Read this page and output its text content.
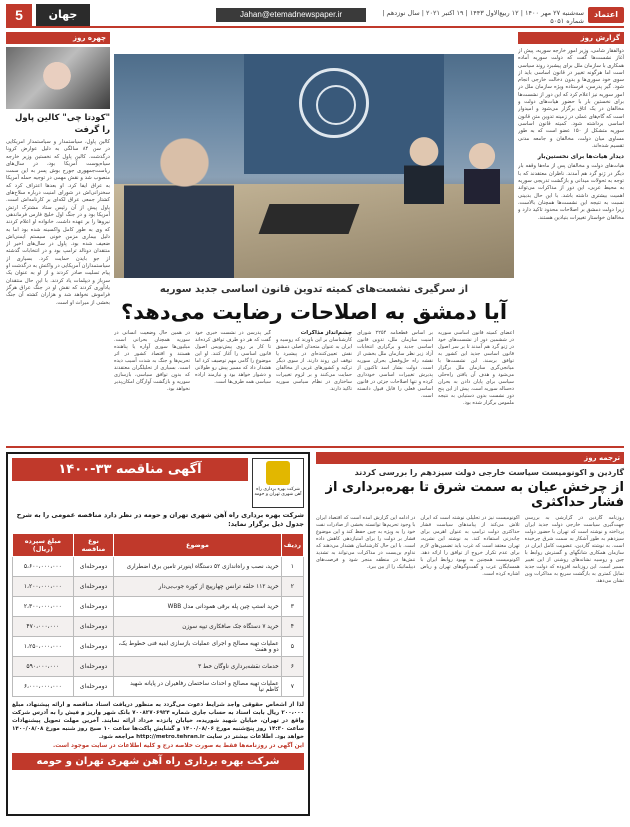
5	جهان	Jahan@etemadnewspaper.ir	سه‌شنبه ۲۷ مهر ۱۴۰۰ | ۱۲ ربیع‌الاول ۱۴۴۳ | ۱۹ اکتبر ۲۰۲۱ | سال نوزدهم | شماره ۵۰۵۱
اعتماد
چهره روز
"کودتا چی" کالین پاول را گرفت
کالین پاول، سیاستمدار و سیاستمدار آمریکایی در سن ۸۴ سالگی به دلیل عوارض کرونا درگذشت. کالین پاول که نخستین وزیر خارجه سیاه‌پوست آمریکا بود، در سال‌های ریاست‌جمهوری جورج بوش پسر به این سمت منصوب شد و نقش مهمی در توجیه حمله آمریکا به عراق ایفا کرد. او بعدها اعتراف کرد که سخنرانی‌اش در شورای امنیت درباره سلاح‌های کشتار جمعی عراق لکه‌ای بر کارنامه‌اش است. پاول پیش از آن رئیس ستاد مشترک ارتش آمریکا بود و در جنگ اول خلیج فارس فرماندهی نیروها را بر عهده داشت. خانواده او اعلام کردند که وی به طور کامل واکسینه شده بود اما به دلیل بیماری مزمن خونی سیستم ایمنی‌اش ضعیف شده بود. پاول در سال‌های اخیر از منتقدان دونالد ترامپ بود و در انتخابات گذشته از جو بایدن حمایت کرد. بسیاری از سیاستمداران آمریکایی در واکنش به درگذشت او پیام تسلیت صادر کردند و از او به عنوان یک سرباز و دیپلمات یاد کردند. با این حال منتقدان یادآوری کردند که نقش او در جنگ عراق هرگز فراموش نخواهد شد و هزاران کشته آن جنگ بخشی از میراث او است.
گزارش روز
ذوالفقار شامی، وزیر امور خارجه سوریه، پیش از آغاز نشست‌ها گفت که دولت سوریه آماده همکاری با سازمان ملل برای پیشبرد روند سیاسی است اما هرگونه تغییر در قانون اساسی باید از سوی خود سوری‌ها و بدون دخالت خارجی انجام شود. گیر پدرسن، فرستاده ویژه سازمان ملل در امور سوریه نیز اعلام کرد که این دور از نشست‌ها برای نخستین بار با حضور هیات‌های دولت و مخالفان در یک اتاق برگزار می‌شود و امیدوار است که گام‌های عملی در زمینه تدوین متن قانون اساسی برداشته شود. کمیته قانون اساسی سوریه متشکل از ۱۵۰ عضو است که به طور مساوی میان دولت، مخالفان و جامعه مدنی تقسیم شده‌اند.
دیدار هیات‌ها برای نخستین‌بار
هیات‌های دولت و مخالفان پس از ماه‌ها وقفه بار دیگر در ژنو گرد هم آمدند. ناظران معتقدند که با توجه به تحولات میدانی و بازگشت تدریجی سوریه به محیط عربی، این دور از مذاکرات می‌تواند اهمیت بیشتری داشته باشد. با این حال بدبینی نسبت به نتیجه این نشست‌ها همچنان بالاست، زیرا دولت دمشق بر اصلاحات محدود تاکید دارد و مخالفان خواستار تغییرات بنیادین هستند.
از سرگیری نشست‌های کمیته تدوین قانون اساسی جدید سوریه
آیا دمشق به اصلاحات رضایت می‌دهد؟
اعضای کمیته قانون اساسی سوریه در ششمین دور از نشست‌های خود در ژنو گرد هم آمدند تا بر سر اصول قانون اساسی جدید این کشور به توافق برسند. این نشست‌ها با میانجی‌گری سازمان ملل برگزار می‌شود و هدف آن یافتن راه‌حلی سیاسی برای پایان دادن به بحران ده‌ساله سوریه است. پیش از این پنج دور نشست بدون دستیابی به نتیجه ملموس برگزار شده بود.
بر اساس قطعنامه ۲۲۵۴ شورای امنیت سازمان ملل، تدوین قانون اساسی جدید و برگزاری انتخابات آزاد زیر نظر سازمان ملل بخشی از نقشه راه حل‌وفصل بحران سوریه است. دولت بشار اسد تاکنون از پذیرش تغییرات اساسی خودداری کرده و تنها اصلاحات جزئی در قانون اساسی فعلی را قابل قبول دانسته است.
چشم‌انداز مذاکرات
کارشناسان بر این باورند که روسیه و ایران به عنوان متحدان اصلی دمشق نقش تعیین‌کننده‌ای در پیشبرد یا توقف این روند دارند. از سوی دیگر ترکیه و کشورهای غربی از مخالفان حمایت می‌کنند و بر لزوم تغییرات ساختاری در نظام سیاسی سوریه تاکید دارند.
گیر پدرسن در نشست خبری خود گفت که هر دو طرف توافق کرده‌اند تا کار بر روی پیش‌نویس اصول قانون اساسی را آغاز کنند. او این موضوع را گامی مهم توصیف کرد اما هشدار داد که مسیر پیش رو طولانی و دشوار خواهد بود و نیازمند اراده سیاسی همه طرف‌ها است.
در همین حال وضعیت انسانی در سوریه همچنان بحرانی است. میلیون‌ها سوری آواره یا پناهنده هستند و اقتصاد کشور در اثر تحریم‌ها و جنگ به شدت آسیب دیده است. بسیاری از تحلیلگران معتقدند که بدون توافق سیاسی، بازسازی سوریه و بازگشت آوارگان امکان‌پذیر نخواهد بود.
شرکت بهره برداری راه آهن شهری تهران و حومه
آگهی مناقصه ۳۳-۱۴۰۰
شرکت بهره برداری راه آهن شهری تهران و حومه در نظر دارد مناقصه عمومی را به شرح جدول ذیل برگزار نماید:
ردیف	موضوع	نوع مناقصه	مبلغ سپرده (ریال)
۱	خرید، نصب و راه‌اندازی ۵۲ دستگاه اینورتر تامین برق اضطراری	دومرحله‌ای	۵،۶۰۰،۰۰۰،۰۰۰
۲	خرید ۱۱۲ حلقه ترانس چهارپیچ از کوره جوب‌بی‌دار	دومرحله‌ای	۱،۲۰۰،۰۰۰،۰۰۰
۳	خرید استپ چین پله برقی همودانی مدل WBB	دومرحله‌ای	۲،۳۰۰،۰۰۰،۰۰۰
۴	خرید ۷ دستگاه جک صافکاری تیپه سوزن	دومرحله‌ای	۴۷۰،۰۰۰،۰۰۰
۵	عملیات تهیه مصالح و اجرای عملیات بازسازی ابنیه فنی خطوط یک، دو و هفت	دومرحله‌ای	۱،۲۵۰،۰۰۰،۰۰۰
۶	خدمات نقشه‌برداری ناوگان خط ۳	دومرحله‌ای	۵۹۰،۰۰۰،۰۰۰
۷	عملیات تهیه مصالح و احداث ساختمان رفاهیران در پایانه شهید کاظم نیا	دومرحله‌ای	۶،۰۰۰،۰۰۰،۰۰۰
لذا از اشخاص حقوقی واجد شرایط دعوت می‌گردد به منظور دریافت اسناد مناقصه و ارائه پیشنهاد، مبلغ ۲۰۰،۰۰۰ ریال بابت اسناد به حساب جاری شماره ۷۰۰۸۲۷۰۶۹۲۴ بانک شهر واریز و فیش را به آدرس شرکت واقع در تهران، خیابان شهید شوریده، خیابان پانزده خرداد ارائه نمایند. آخرین مهلت تحویل پیشنهادات ساعت ۱۴:۳۰ روز پنج‌شنبه مورخ ۱۴۰۰/۰۸/۰۶ و گشایش پاکت‌ها ساعت ۱۰ صبح روز شنبه مورخ ۱۴۰۰/۰۸/۰۸ خواهد بود. اطلاعات بیشتر در سایت http://metro.tehran.ir مراجعه شود.
این آگهی در روزنامه‌ها فقط به صورت خلاصه درج و کلیه اطلاعات در سایت موجود است.
شرکت بهره برداری راه آهن شهری تهران و حومه
ترجمه روز
گاردین و اکونومیست سیاست خارجی دولت سیزدهم را بررسی کردند
از چرخش عیان به سمت شرق تا بهره‌برداری از فشار حداکثری
روزنامه گاردین در گزارشی به بررسی جهت‌گیری سیاست خارجی دولت جدید ایران پرداخته و نوشته است که تهران با حضور دولت سیزدهم به طور آشکار به سمت شرق چرخیده است. به نوشته گاردین، عضویت کامل ایران در سازمان همکاری شانگهای و گسترش روابط با چین و روسیه نشانه‌های روشنی از این تغییر مسیر است. این روزنامه افزوده که دولت جدید تمایل کمتری به بازگشت سریع به مذاکرات وین نشان می‌دهد.
اکونومیست نیز در تحلیلی نوشته است که ایران تلاش می‌کند از پیامدهای سیاست فشار حداکثری دولت ترامپ به عنوان اهرمی برای چانه‌زنی استفاده کند. به نوشته این نشریه، تهران معتقد است که غرب باید تضمین‌های لازم برای عدم تکرار خروج از توافق را ارائه دهد. اکونومیست همچنین به بهبود روابط ایران با همسایگان عرب و گفت‌وگوهای تهران و ریاض اشاره کرده است.
در ادامه این گزارش آمده است که اقتصاد ایران با وجود تحریم‌ها توانسته بخشی از صادرات نفت خود را به ویژه به چین حفظ کند و این موضوع فشار بر دولت را برای امتیازدهی کاهش داده است. با این حال کارشناسان هشدار می‌دهند که تداوم بن‌بست در مذاکرات می‌تواند به تشدید تنش‌ها در منطقه منجر شود و فرصت‌های دیپلماتیک را از بین ببرد.
